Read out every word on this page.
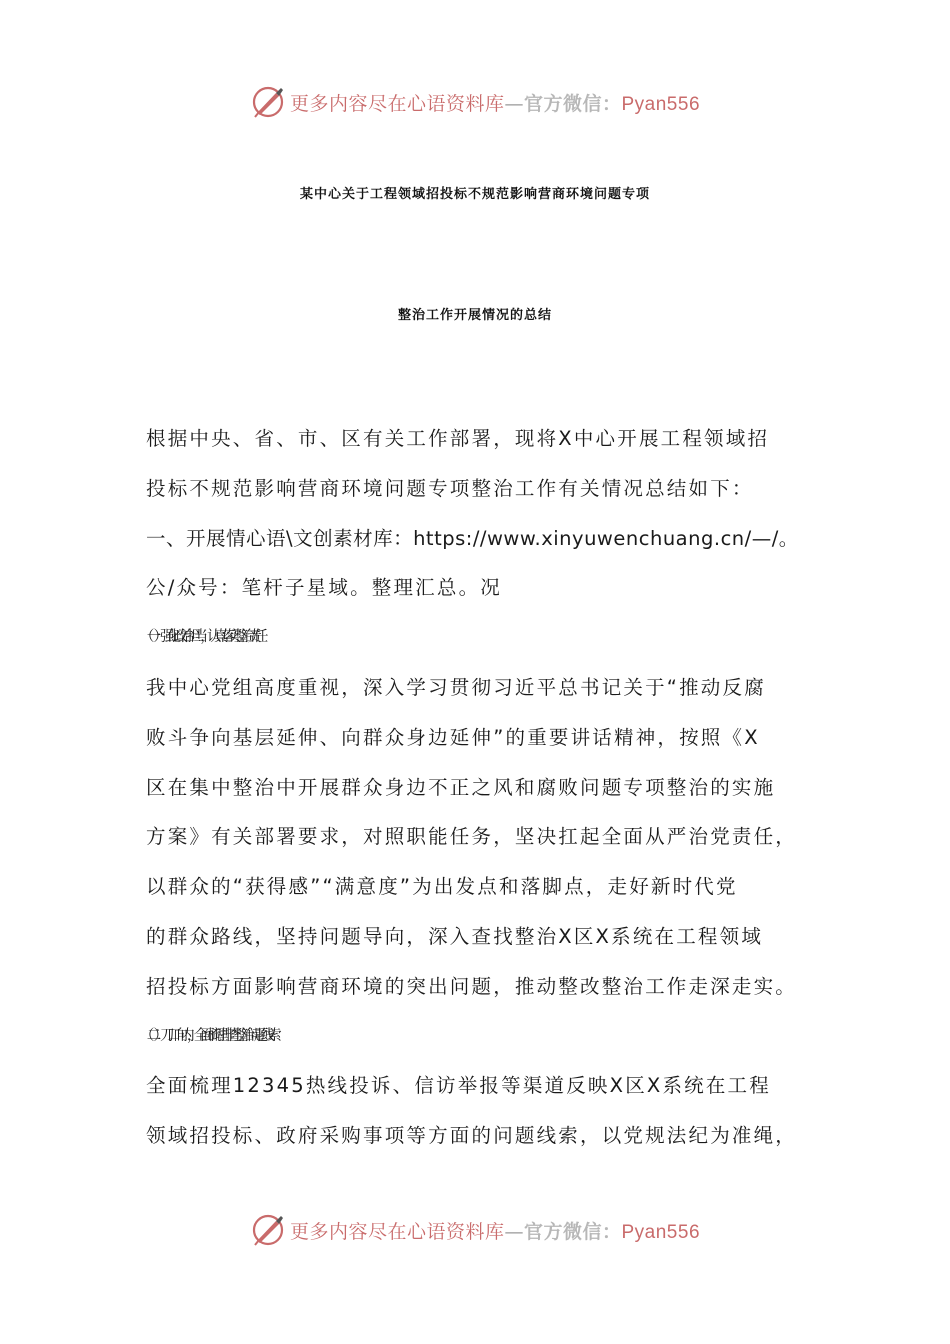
更多内容尽在心语资料库—官方微信：Pyan556
某中心关于工程领域招投标不规范影响营商环境问题专项
整治工作开展情况的总结
根据中央、省、市、区有关工作部署，现将X中心开展工程领域招
投标不规范影响营商环境问题专项整治工作有关情况总结如下：
一、开展情心语\文创素材库：https://www.xinyuwenchuang.cn/—/。
公/众号：笔杆子星域。整理汇总。况
（一）强化政治担当，认真落实整治责任
我中心党组高度重视，深入学习贯彻习近平总书记关于“推动反腐
败斗争向基层延伸、向群众身边延伸”的重要讲话精神，按照《X
区在集中整治中开展群众身边不正之风和腐败问题专项整治的实施
方案》有关部署要求，对照职能任务，坚决扛起全面从严治党责任，
以群众的“获得感”“满意度”为出发点和落脚点，走好新时代党
的群众路线，坚持问题导向，深入查找整治X区X系统在工程领域
招投标方面影响营商环境的突出问题，推动整改整治工作走深走实。
（二）刀口向内，全面梳理排查整治问题线索
全面梳理12345热线投诉、信访举报等渠道反映X区X系统在工程
领域招投标、政府采购事项等方面的问题线索，以党规法纪为准绳，
更多内容尽在心语资料库—官方微信：Pyan556
